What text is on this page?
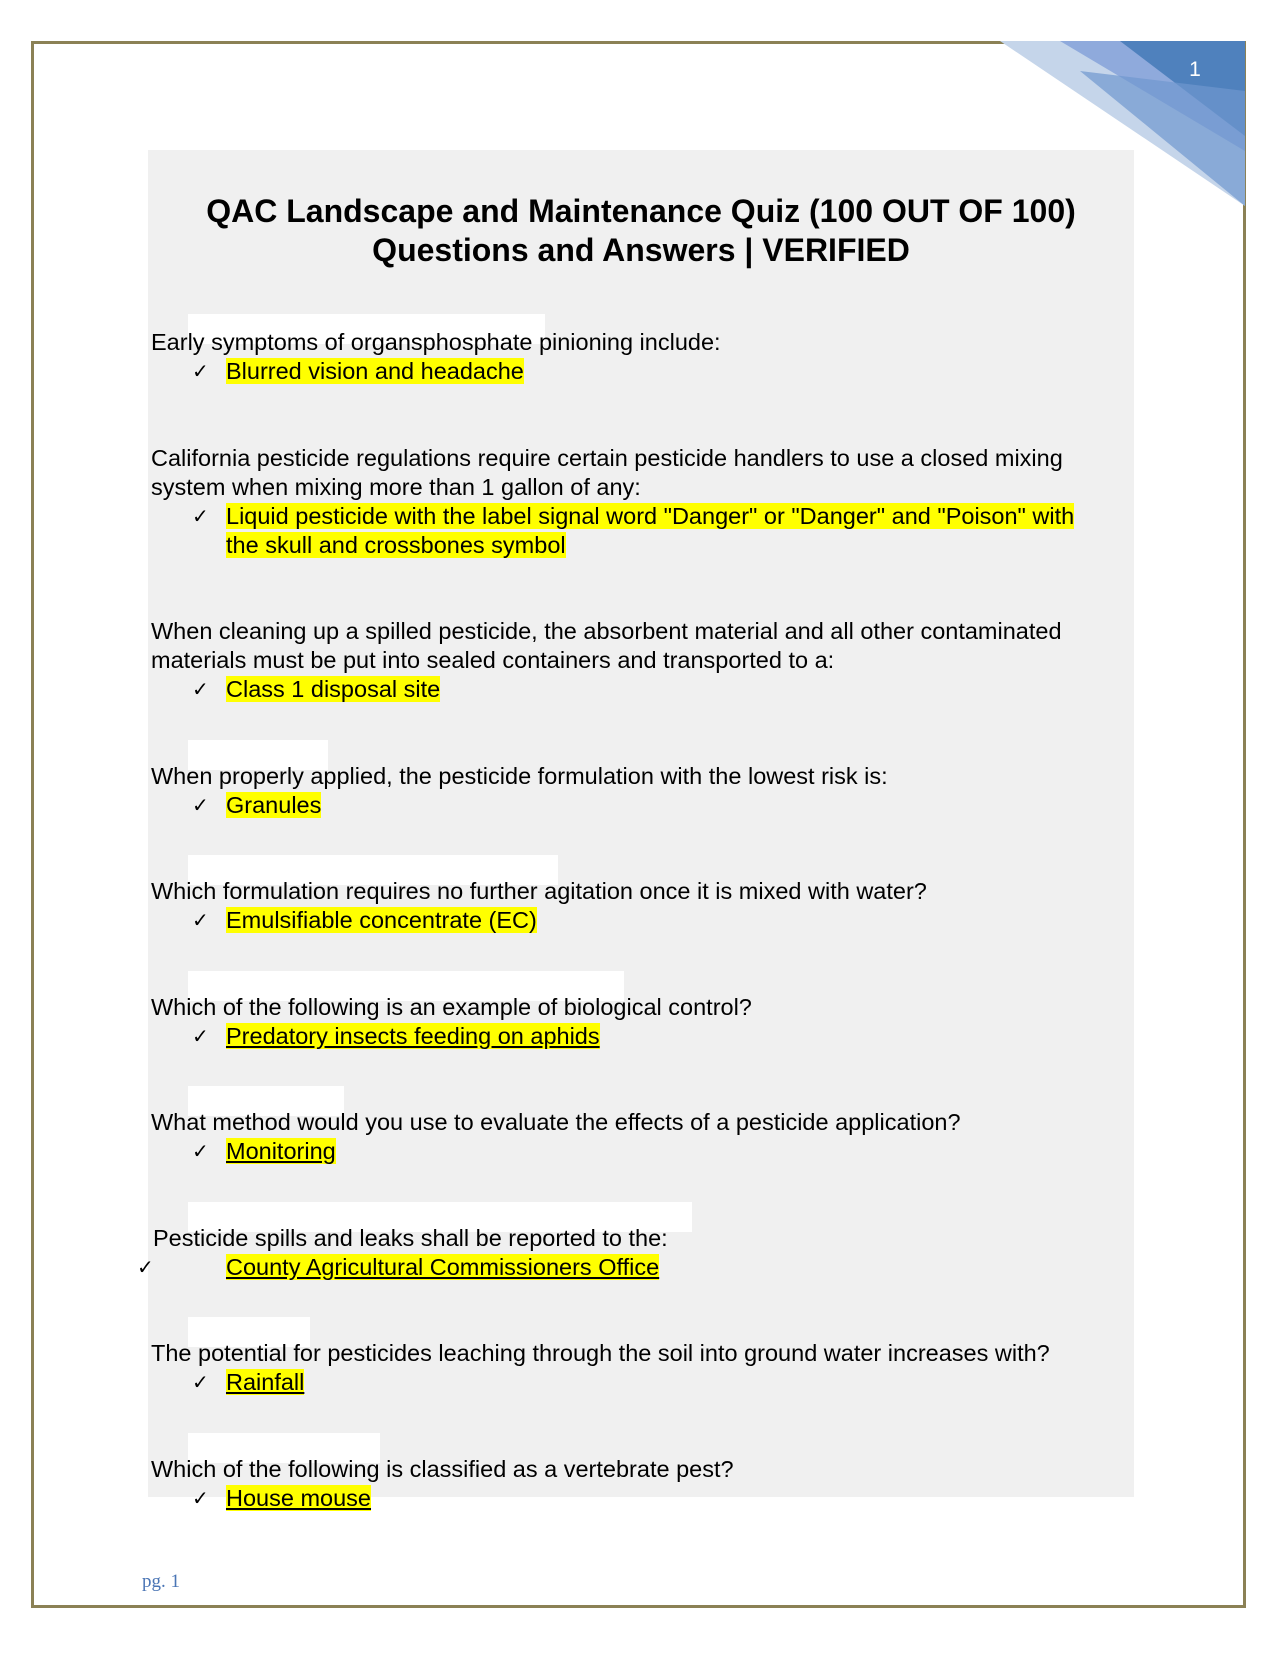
1
QAC Landscape and Maintenance Quiz (100 OUT OF 100)
Questions and Answers | VERIFIED
Early symptoms of organsphosphate pinioning include:
✓ Blurred vision and headache
California pesticide regulations require certain pesticide handlers to use a closed mixing system when mixing more than 1 gallon of any:
✓ Liquid pesticide with the label signal word "Danger" or "Danger" and "Poison" with the skull and crossbones symbol
When cleaning up a spilled pesticide, the absorbent material and all other contaminated materials must be put into sealed containers and transported to a:
✓ Class 1 disposal site
When properly applied, the pesticide formulation with the lowest risk is:
✓ Granules
Which formulation requires no further agitation once it is mixed with water?
✓ Emulsifiable concentrate (EC)
Which of the following is an example of biological control?
✓ Predatory insects feeding on aphids
What method would you use to evaluate the effects of a pesticide application?
✓ Monitoring
Pesticide spills and leaks shall be reported to the:
✓	County Agricultural Commissioners Office
The potential for pesticides leaching through the soil into ground water increases with?
✓ Rainfall
Which of the following is classified as a vertebrate pest?
✓ House mouse
pg. 1
